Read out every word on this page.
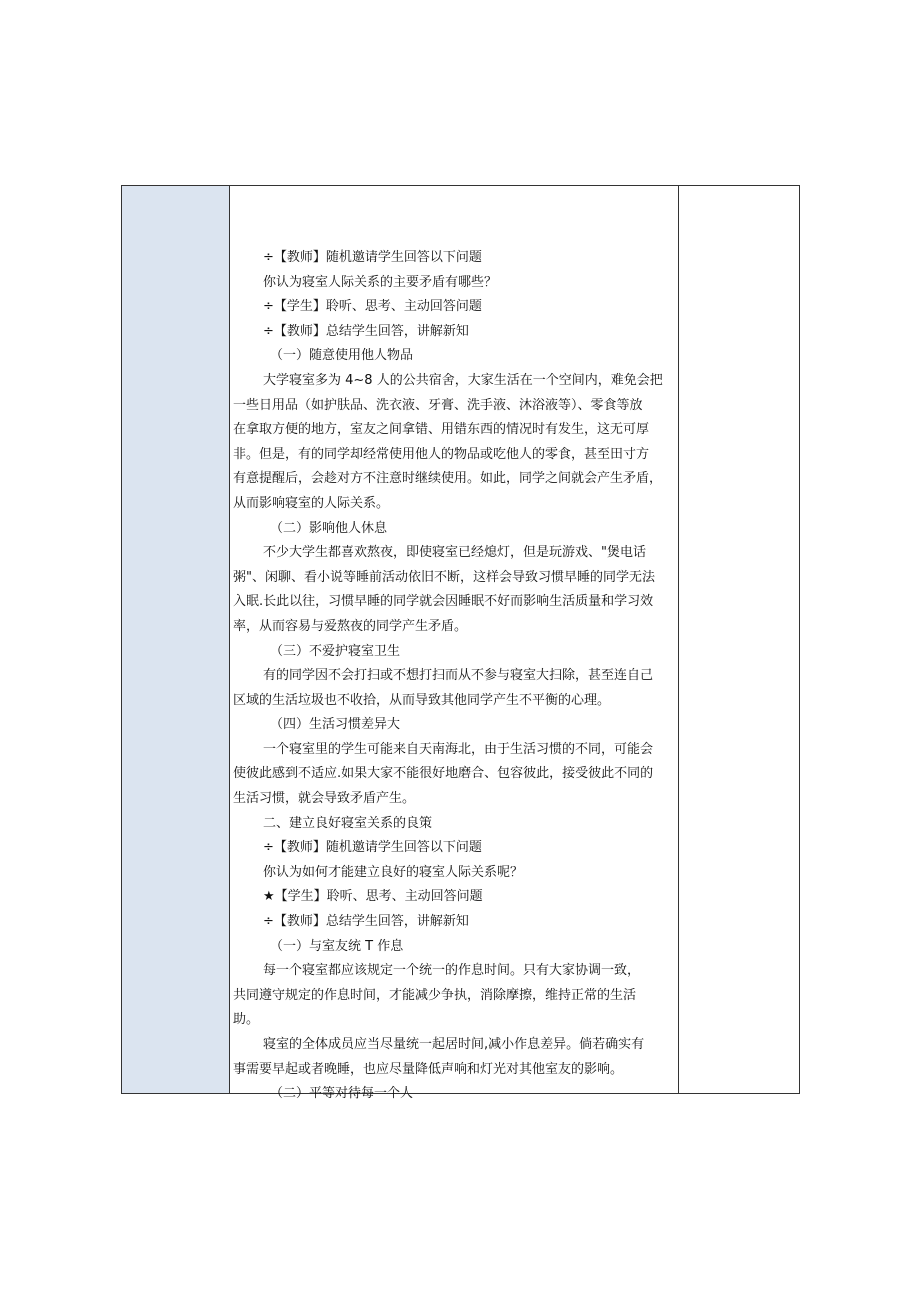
÷【教师】随机邀请学生回答以下问题
你认为寝室人际关系的主要矛盾有哪些？
÷【学生】聆听、思考、主动回答问题
÷【教师】总结学生回答，讲解新知
（一）随意使用他人物品
大学寝室多为 4~8 人的公共宿舍，大家生活在一个空间内，难免会把
一些日用品（如护肤品、洗衣液、牙膏、洗手液、沐浴液等）、零食等放
在拿取方便的地方，室友之间拿错、用错东西的情况时有发生，这无可厚
非。但是，有的同学却经常使用他人的物品或吃他人的零食，甚至田寸方
有意提醒后，会趁对方不注意时继续使用。如此，同学之间就会产生矛盾，
从而影响寝室的人际关系。
（二）影响他人休息
不少大学生都喜欢熬夜，即使寝室已经熄灯，但是玩游戏、"煲电话
粥"、闲聊、看小说等睡前活动依旧不断，这样会导致习惯早睡的同学无法
入眠.长此以往，习惯早睡的同学就会因睡眠不好而影响生活质量和学习效
率，从而容易与爱熬夜的同学产生矛盾。
（三）不爱护寝室卫生
有的同学因不会打扫或不想打扫而从不参与寝室大扫除，甚至连自己
区域的生活垃圾也不收拾，从而导致其他同学产生不平衡的心理。
（四）生活习惯差异大
一个寝室里的学生可能来自天南海北，由于生活习惯的不同，可能会
使彼此感到不适应.如果大家不能很好地磨合、包容彼此，接受彼此不同的
生活习惯，就会导致矛盾产生。
二、建立良好寝室关系的良策
÷【教师】随机邀请学生回答以下问题
你认为如何才能建立良好的寝室人际关系呢？
★【学生】聆听、思考、主动回答问题
÷【教师】总结学生回答，讲解新知
（一）与室友统 T 作息
每一个寝室都应该规定一个统一的作息时间。只有大家协调一致，
共同遵守规定的作息时间，才能减少争执，消除摩擦，维持正常的生活
助。
寝室的全体成员应当尽量统一起居时间,减小作息差异。倘若确实有
事需要早起或者晚睡，也应尽量降低声响和灯光对其他室友的影响。
（二）平等对待每一个人
